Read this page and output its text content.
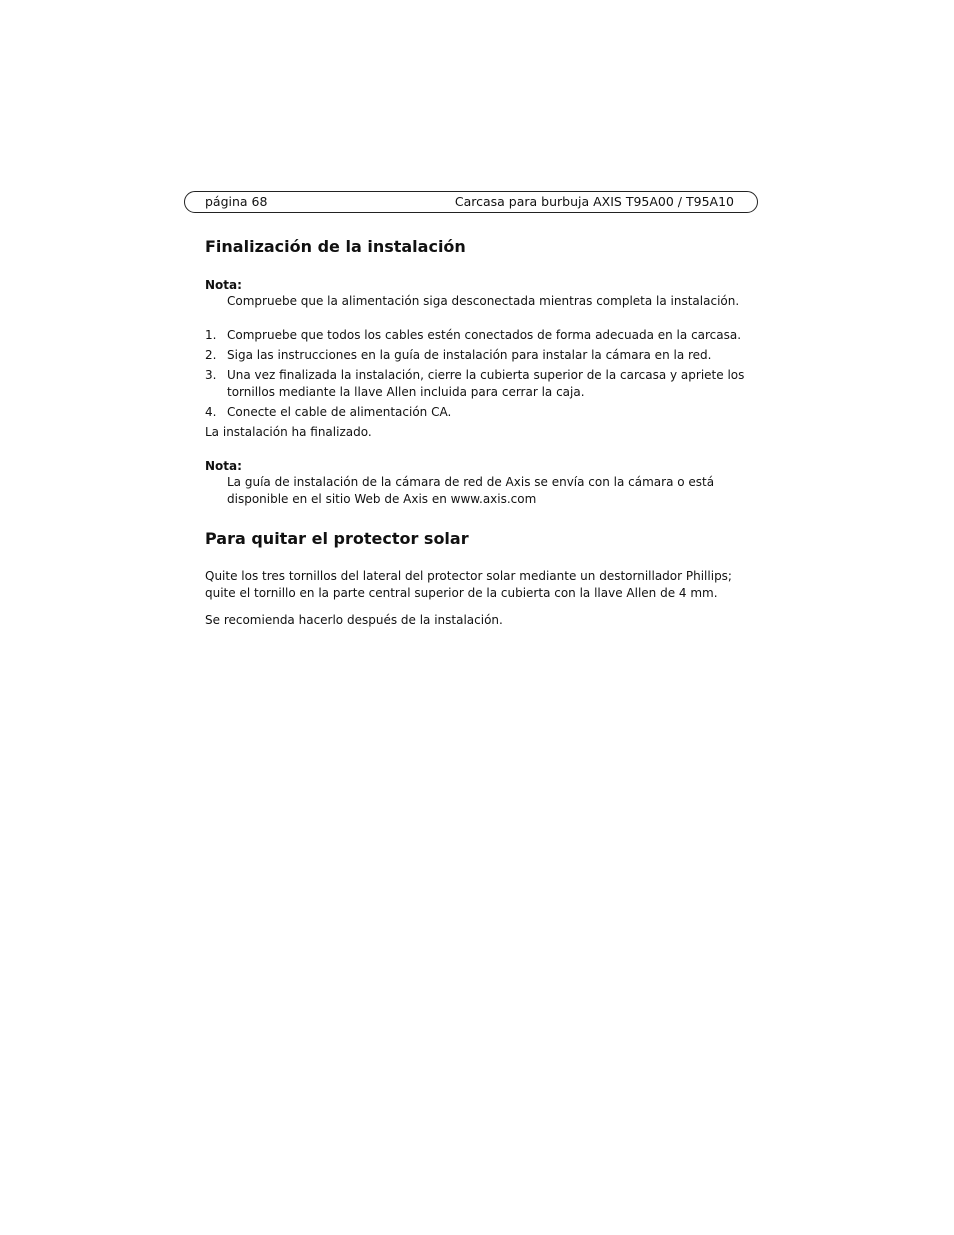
página 68	Carcasa para burbuja AXIS T95A00 / T95A10
Finalización de la instalación

Nota:

Compruebe que la alimentación siga desconectada mientras completa la instalación.

1. Compruebe que todos los cables estén conectados de forma adecuada en la carcasa.
2. Siga las instrucciones en la guía de instalación para instalar la cámara en la red.
3. Una vez finalizada la instalación, cierre la cubierta superior de la carcasa y apriete los tornillos mediante la llave Allen incluida para cerrar la caja.
4. Conecte el cable de alimentación CA.

La instalación ha finalizado.

Nota:

La guía de instalación de la cámara de red de Axis se envía con la cámara o está disponible en el sitio Web de Axis en www.axis.com

Para quitar el protector solar

Quite los tres tornillos del lateral del protector solar mediante un destornillador Phillips; quite el tornillo en la parte central superior de la cubierta con la llave Allen de 4 mm.

Se recomienda hacerlo después de la instalación.
